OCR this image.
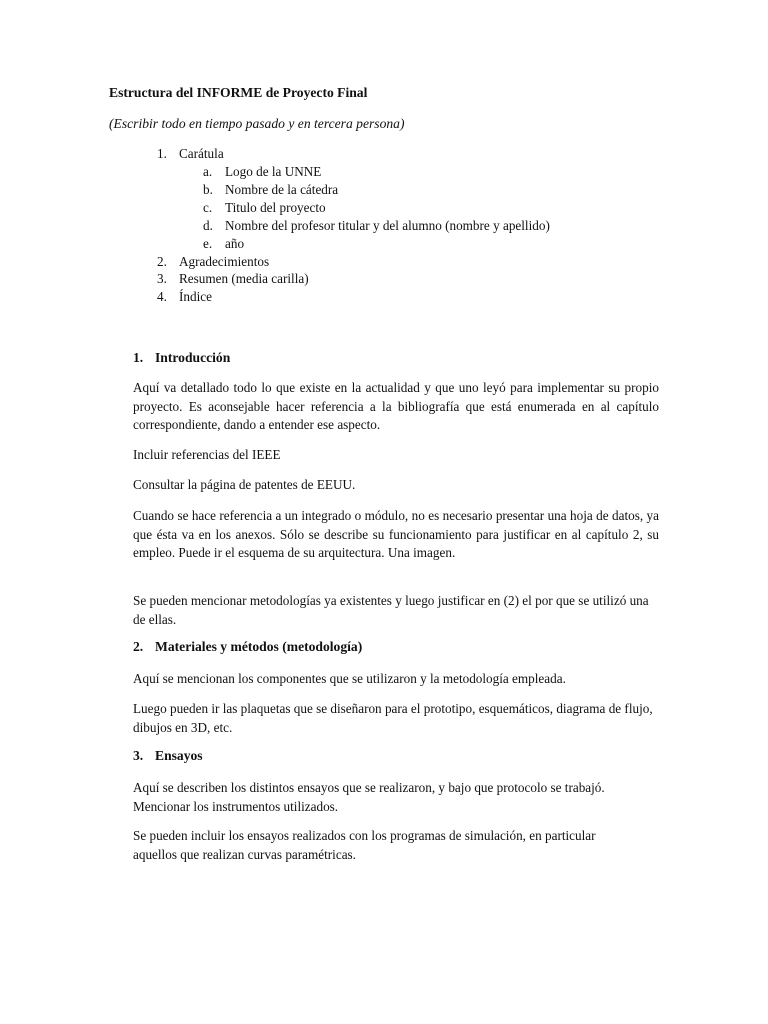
Estructura del INFORME de Proyecto Final
(Escribir todo en tiempo pasado y en tercera persona)
1. Carátula
a. Logo de la UNNE
b. Nombre de la cátedra
c. Titulo del proyecto
d. Nombre del profesor titular y del alumno (nombre y apellido)
e. año
2. Agradecimientos
3. Resumen (media carilla)
4. Índice
1. Introducción

Aquí va detallado todo lo que existe en la actualidad y que uno leyó para implementar su propio proyecto. Es aconsejable hacer referencia a la bibliografía que está enumerada en al capítulo correspondiente, dando a entender ese aspecto.

Incluir referencias del IEEE

Consultar la página de patentes de EEUU.

Cuando se hace referencia a un integrado o módulo, no es necesario presentar una hoja de datos, ya que ésta va en los anexos. Sólo se describe su funcionamiento para justificar en al capítulo 2, su empleo. Puede ir el esquema de su arquitectura. Una imagen.

Se pueden mencionar metodologías ya existentes y luego justificar en (2) el por que se utilizó una de ellas.

2. Materiales y métodos (metodología)

Aquí se mencionan los componentes que se utilizaron y la metodología empleada.

Luego pueden ir las plaquetas que se diseñaron para el prototipo, esquemáticos, diagrama de flujo, dibujos en 3D, etc.

3. Ensayos

Aquí se describen los distintos ensayos que se realizaron, y bajo que protocolo se trabajó. Mencionar los instrumentos utilizados.

Se pueden incluir los ensayos realizados con los programas de simulación, en particular aquellos que realizan curvas paramétricas.
